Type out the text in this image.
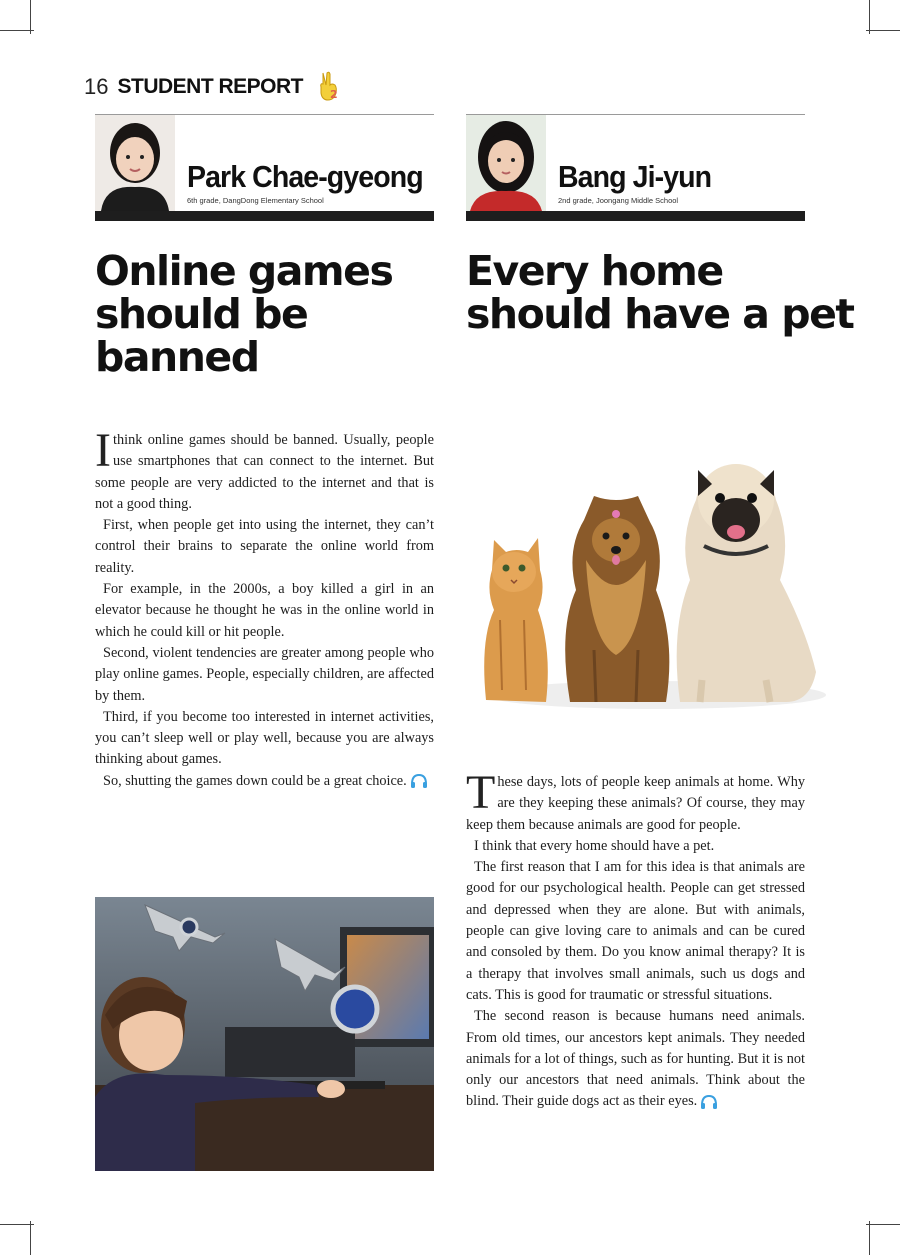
16 STUDENT REPORT 2
Park Chae-gyeong
6th grade, DangDong Elementary School
Bang Ji-yun
2nd grade, Joongang Middle School
Online games
should be
banned
Every home
should have a pet

Ithink online games should be banned. Usually, people use smartphones that can connect to the internet. But some people are very addicted to the internet and that is not a good thing.

First, when people get into using the internet, they can’t control their brains to separate the online world from reality.

For example, in the 2000s, a boy killed a girl in an elevator because he thought he was in the online world in which he could kill or hit people.

Second, violent tendencies are greater among people who play online games. People, especially children, are affected by them.

Third, if you become too interested in internet activities, you can’t sleep well or play well, because you are always thinking about games.

So, shutting the games down could be a great choice.	These days, lots of people keep animals at home. Why are they keeping these animals? Of course, they may keep them because animals are good for people.

I think that every home should have a pet.

The first reason that I am for this idea is that animals are good for our psychological health. People can get stressed and depressed when they are alone. But with animals, people can give loving care to animals and can be cured and consoled by them. Do you know animal therapy? It is a therapy that involves small animals, such us dogs and cats. This is good for traumatic or stressful situations.

The second reason is because humans need animals. From old times, our ancestors kept animals. They needed animals for a lot of things, such as for hunting. But it is not only our ancestors that need animals. Think about the blind. Their guide dogs act as their eyes.
